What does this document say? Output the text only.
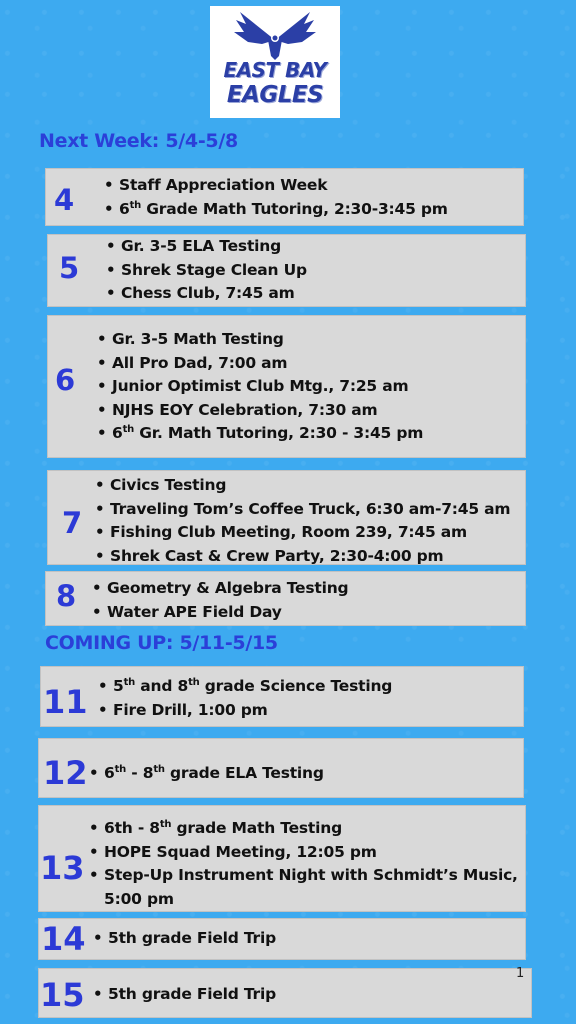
EAST BAY
EAGLES
Next Week: 5/4-5/8
4	• Staff Appreciation Week
• 6th Grade Math Tutoring, 2:30-3:45 pm
5
• Gr. 3-5 ELA Testing
• Shrek Stage Clean Up
• Chess Club, 7:45 am
6
• Gr. 3-5 Math Testing
• All Pro Dad, 7:00 am
• Junior Optimist Club Mtg., 7:25 am
• NJHS EOY Celebration, 7:30 am
• 6th Gr. Math Tutoring, 2:30 - 3:45 pm
7
• Civics Testing
• Traveling Tom’s Coffee Truck, 6:30 am-7:45 am
• Fishing Club Meeting, Room 239, 7:45 am
• Shrek Cast & Crew Party, 2:30-4:00 pm
8	• Geometry & Algebra Testing
• Water APE Field Day
COMING UP: 5/11-5/15
11	• 5th and 8th grade Science Testing
• Fire Drill, 1:00 pm
12	• 6th - 8th grade ELA Testing
13
• 6th - 8th grade Math Testing
• HOPE Squad Meeting, 12:05 pm
• Step-Up Instrument Night with Schmidt’s Music,
5:00 pm
14	• 5th grade Field Trip
15	• 5th grade Field Trip
1
